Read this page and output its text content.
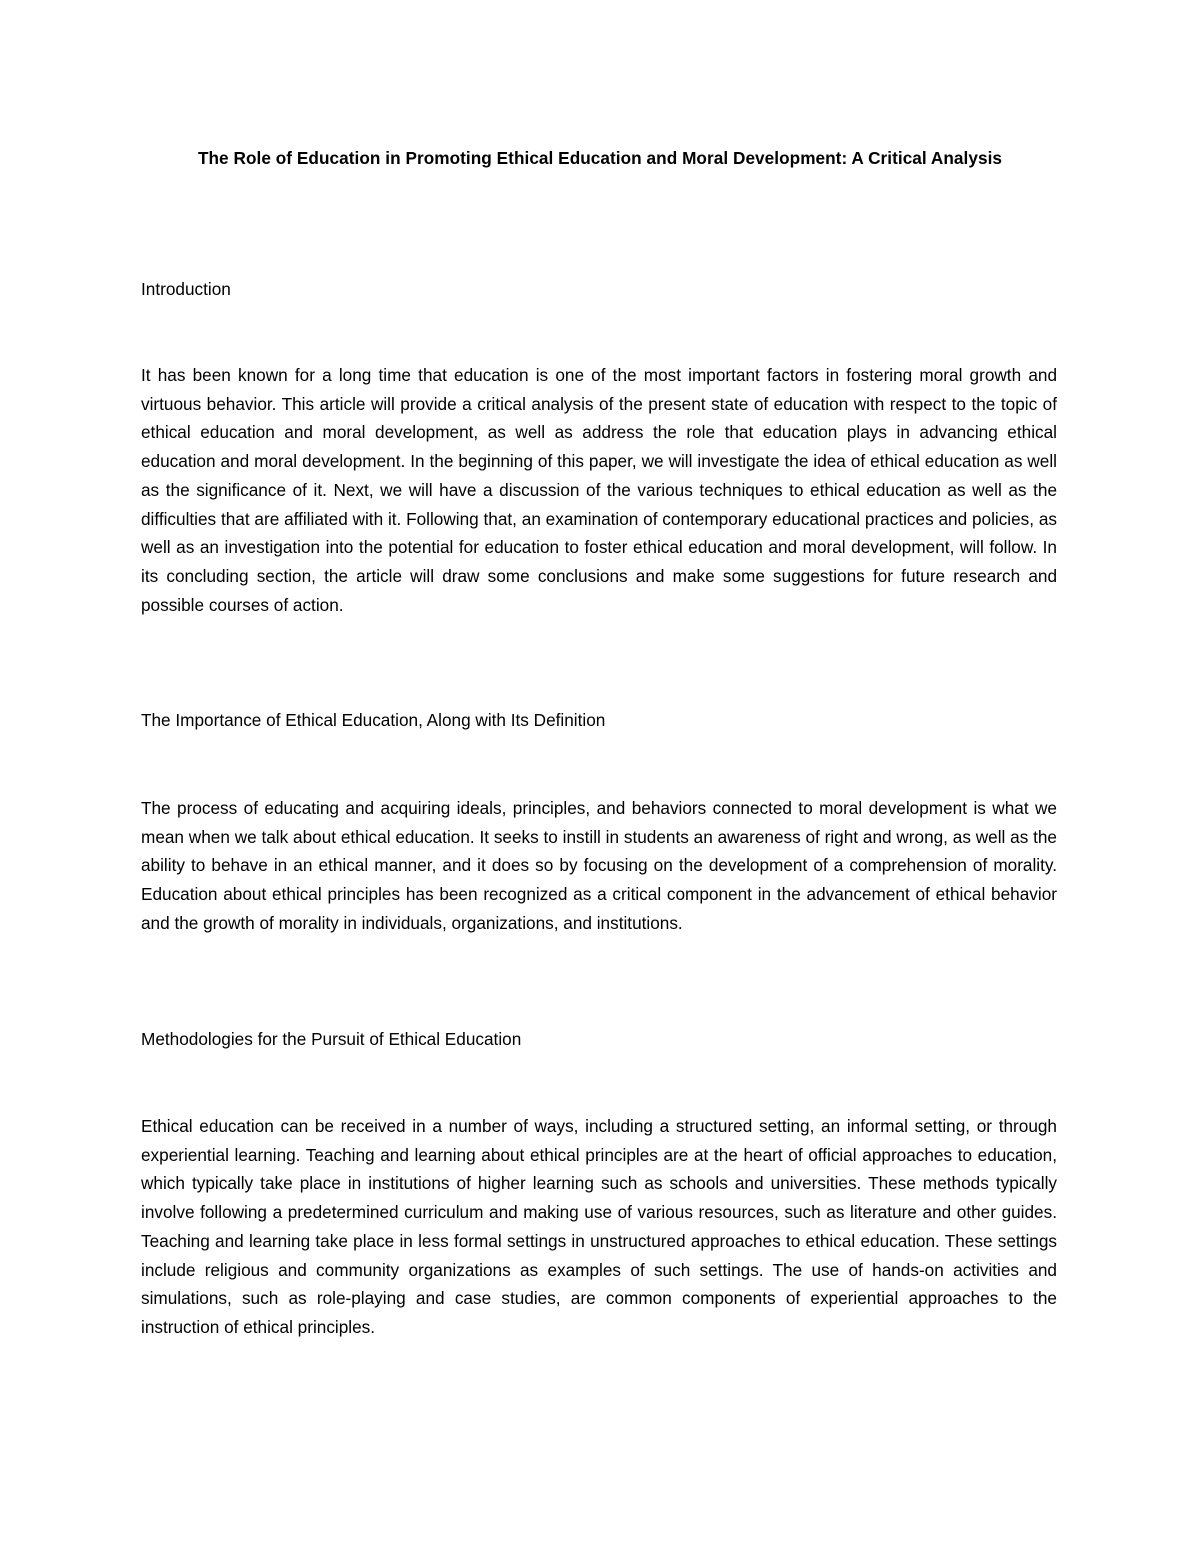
The Role of Education in Promoting Ethical Education and Moral Development: A Critical Analysis
Introduction

It has been known for a long time that education is one of the most important factors in fostering moral growth and virtuous behavior. This article will provide a critical analysis of the present state of education with respect to the topic of ethical education and moral development, as well as address the role that education plays in advancing ethical education and moral development. In the beginning of this paper, we will investigate the idea of ethical education as well as the significance of it. Next, we will have a discussion of the various techniques to ethical education as well as the difficulties that are affiliated with it. Following that, an examination of contemporary educational practices and policies, as well as an investigation into the potential for education to foster ethical education and moral development, will follow. In its concluding section, the article will draw some conclusions and make some suggestions for future research and possible courses of action.

The Importance of Ethical Education, Along with Its Definition

The process of educating and acquiring ideals, principles, and behaviors connected to moral development is what we mean when we talk about ethical education. It seeks to instill in students an awareness of right and wrong, as well as the ability to behave in an ethical manner, and it does so by focusing on the development of a comprehension of morality. Education about ethical principles has been recognized as a critical component in the advancement of ethical behavior and the growth of morality in individuals, organizations, and institutions.

Methodologies for the Pursuit of Ethical Education

Ethical education can be received in a number of ways, including a structured setting, an informal setting, or through experiential learning. Teaching and learning about ethical principles are at the heart of official approaches to education, which typically take place in institutions of higher learning such as schools and universities. These methods typically involve following a predetermined curriculum and making use of various resources, such as literature and other guides. Teaching and learning take place in less formal settings in unstructured approaches to ethical education. These settings include religious and community organizations as examples of such settings. The use of hands-on activities and simulations, such as role-playing and case studies, are common components of experiential approaches to the instruction of ethical principles.
